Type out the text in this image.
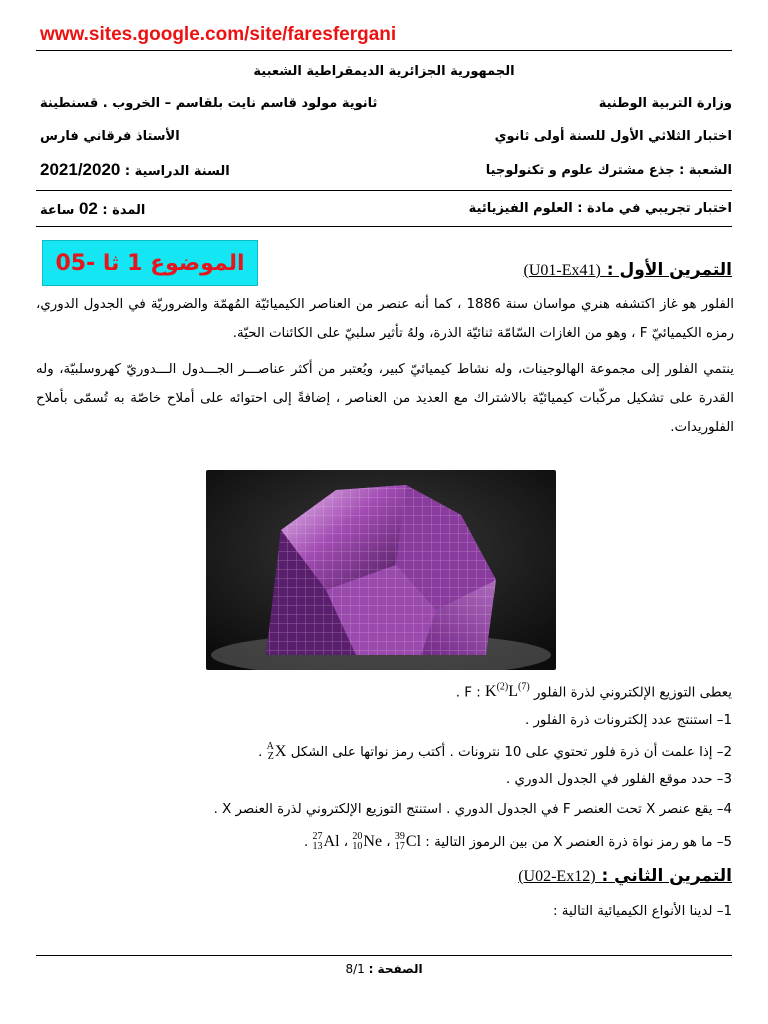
www.sites.google.com/site/faresfergani
الجمهورية الجزائرية الديمقراطية الشعبية
وزارة التربية الوطنية
ثانوية مولود قاسم نايت بلقاسم – الخروب . قسنطينة
اختبار الثلاثي الأول للسنة أولى ثانوي
الأستاذ فرقاني فارس
الشعبة : جذع مشترك علوم و تكنولوجيا
السنة الدراسية : 2021/2020
اختبار تجريبي في مادة : العلوم الفيزيائية
المدة : 02 ساعة
الموضوع 1 ثا -05	التمرين الأول : (U01-Ex41)
الفلور هو غاز اكتشفه هنري مواسان سنة 1886 ، كما أنه عنصر من العناصر الكيميائيّة المُهمّة والضروريّة في الجدول الدوري، رمزه الكيميائيّ F ، وهو من الغازات السّامّة ثنائيّة الذرة، ولهُ تأثير سلبيّ على الكائنات الحيّة.
ينتمي الفلور إلى مجموعة الهالوجينات، وله نشاط كيميائيّ كبير، ويُعتبر من أكثر عناصـــر الجـــدول الـــدوريّ كهروسلبيّة، وله القدرة على تشكيل مركّبات كيميائيّة بالاشتراك مع العديد من العناصر ، إضافةً إلى احتوائه على أملاح خاصّة به تُسمّى بأملاح الفلوريدات.
يعطى التوزيع الإلكتروني لذرة الفلور F : $K^{(2)}L^{(7)}$ .
1– استنتج عدد إلكترونات ذرة الفلور .
2– إذا علمت أن ذرة فلور تحتوي على 10 نترونات . أكتب رمز نواتها على الشكل
A
Z X
.
3– حدد موقع الفلور في الجدول الدوري .
4– يقع عنصر X تحت العنصر F في الجدول الدوري . استنتج التوزيع الإلكتروني لذرة العنصر X .
5– ما هو رمز نواة ذرة العنصر X من بين الرموز التالية :
39
17 Cl
،
20
10 Ne
،
27
13 Al
.
التمرين الثاني : (U02-Ex12)
1– لدينا الأنواع الكيميائية التالية :
الصفحة : 8/1
